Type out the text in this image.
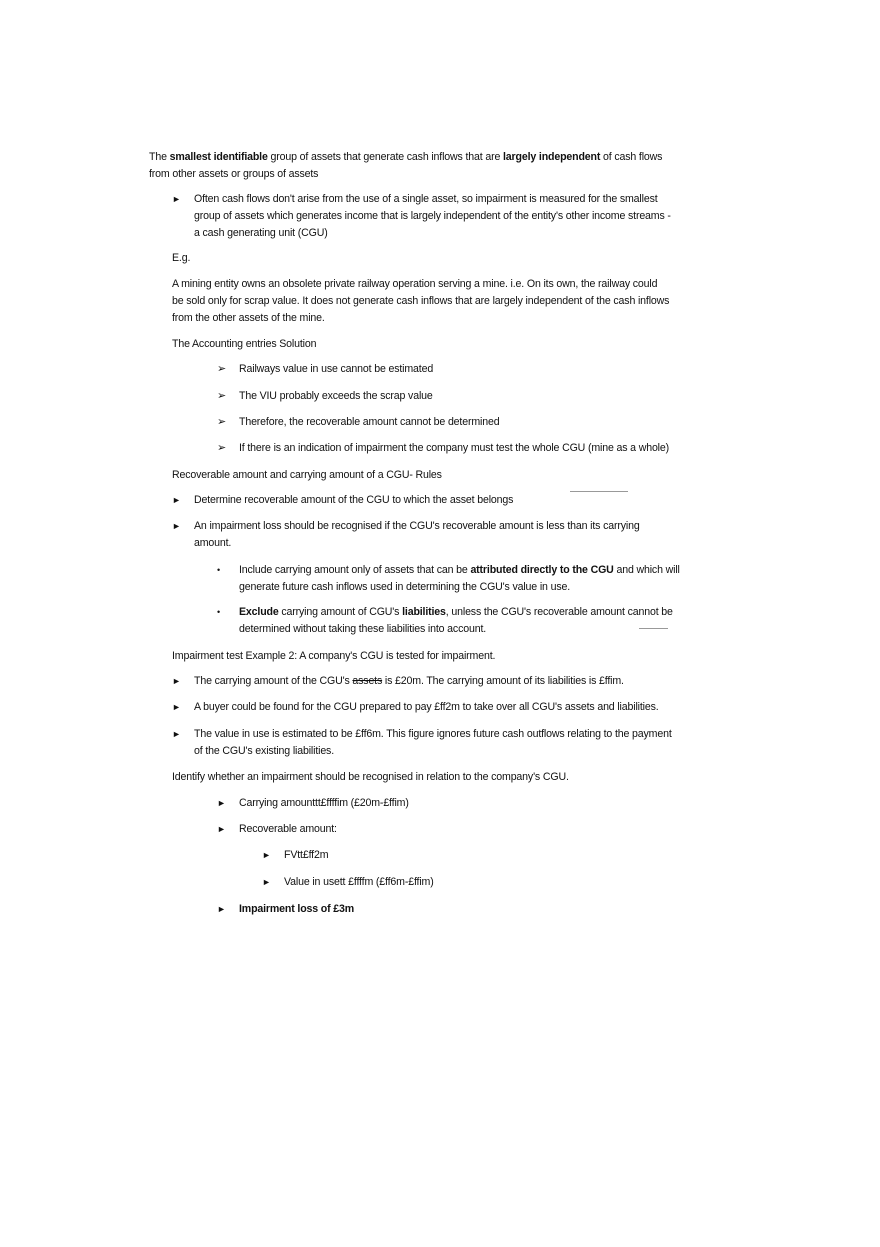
The smallest identifiable group of assets that generate cash inflows that are largely independent of cash flows
from other assets or groups of assets
► Often cash flows don't arise from the use of a single asset, so impairment is measured for the smallest
group of assets which generates income that is largely independent of the entity's other income streams -
a cash generating unit (CGU)
E.g.
A mining entity owns an obsolete private railway operation serving a mine. i.e. On its own, the railway could
be sold only for scrap value. It does not generate cash inflows that are largely independent of the cash inflows
from the other assets of the mine.
The Accounting entries Solution
➢ Railways value in use cannot be estimated
➢ The VIU probably exceeds the scrap value
➢ Therefore, the recoverable amount cannot be determined
➢ If there is an indication of impairment the company must test the whole CGU (mine as a whole)
Recoverable amount and carrying amount of a CGU- Rules
► Determine recoverable amount of the CGU to which the asset belongs
► An impairment loss should be recognised if the CGU's recoverable amount is less than its carrying
amount.
• Include carrying amount only of assets that can be attributed directly to the CGU and which will
generate future cash inflows used in determining the CGU's value in use.
• Exclude carrying amount of CGU's liabilities, unless the CGU's recoverable amount cannot be
determined without taking these liabilities into account.
Impairment test Example 2: A company's CGU is tested for impairment.
► The carrying amount of the CGU's assets is £20m. The carrying amount of its liabilities is £ffim.
► A buyer could be found for the CGU prepared to pay £ff2m to take over all CGU's assets and liabilities.
► The value in use is estimated to be £ff6m. This figure ignores future cash outflows relating to the payment
of the CGU's existing liabilities.
Identify whether an impairment should be recognised in relation to the company's CGU.
► Carrying amounttt£ffffim (£20m-£ffim)
► Recoverable amount:
► FVtt£ff2m
► Value in usett £ffffm (£ff6m-£ffim)
► Impairment loss of £3m
